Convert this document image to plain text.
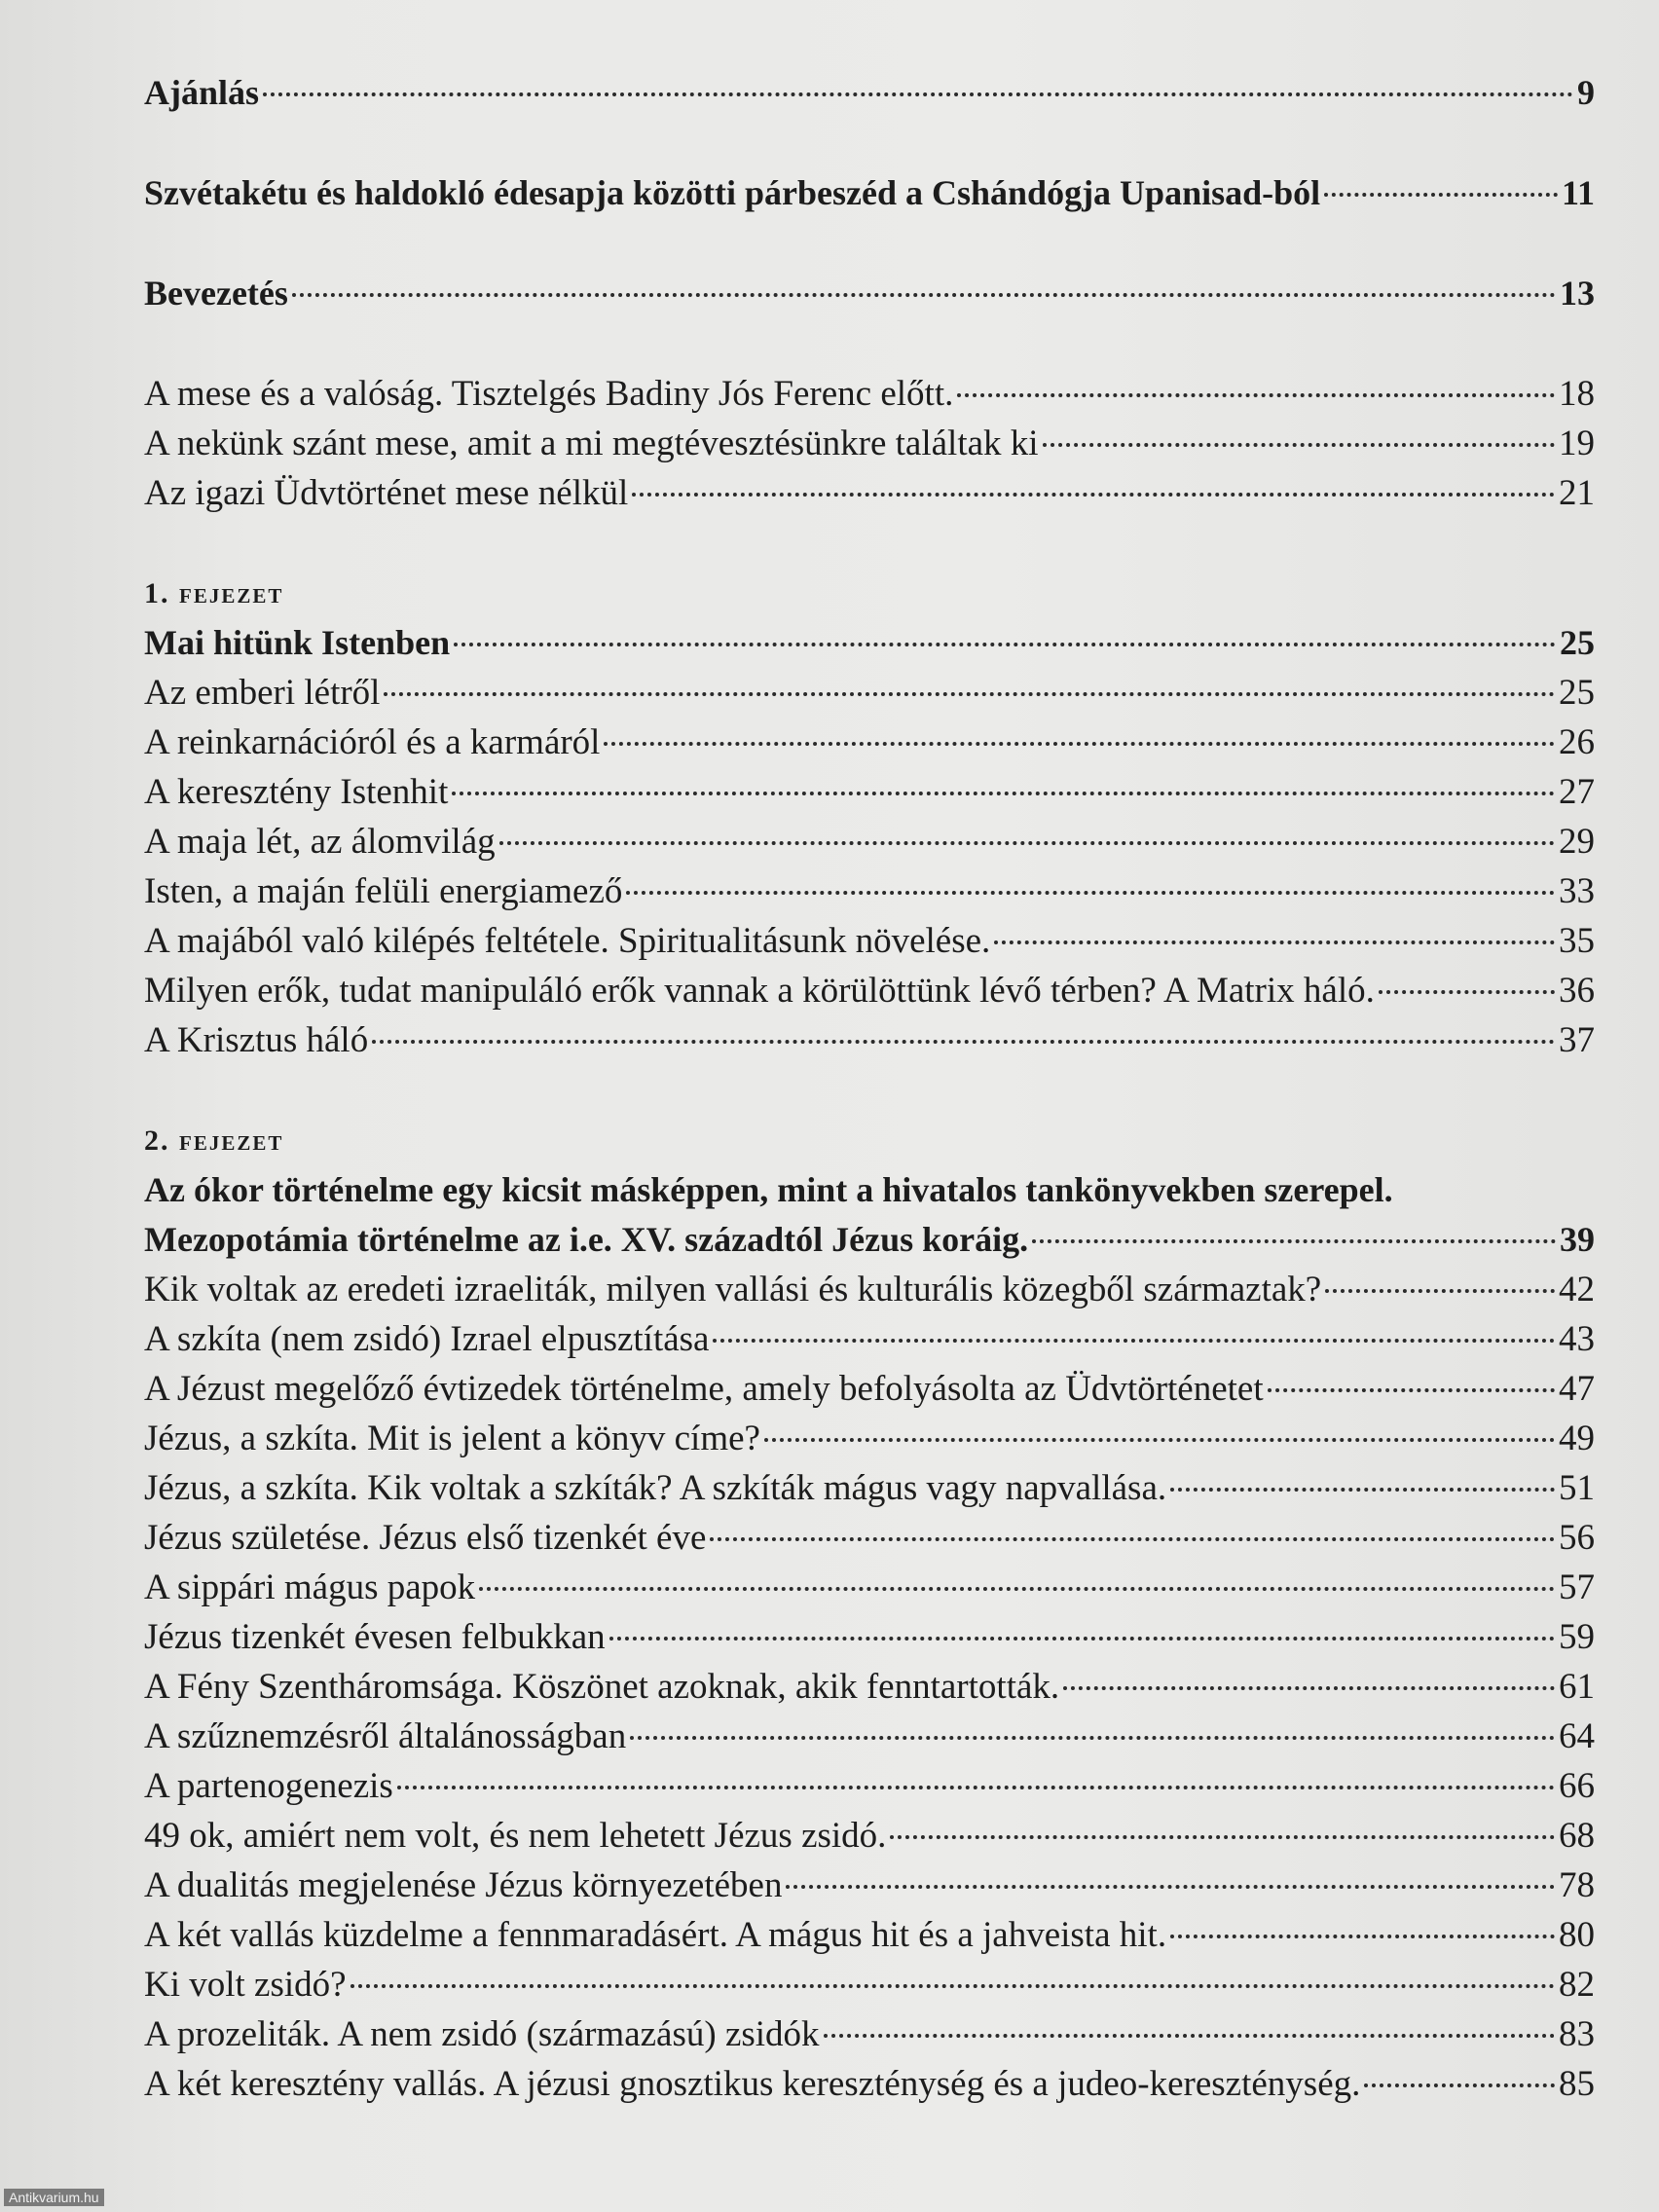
Ajánlás	9
Szvétakétu és haldokló édesapja közötti párbeszéd a Cshándógja Upanisad-ból	11
Bevezetés	13
A mese és a valóság. Tisztelgés Badiny Jós Ferenc előtt.	18
A nekünk szánt mese, amit a mi megtévesztésünkre találtak ki	19
Az igazi Üdvtörténet mese nélkül	21
1. fejezet
Mai hitünk Istenben	25
Az emberi létről	25
A reinkarnációról és a karmáról	26
A keresztény Istenhit	27
A maja lét, az álomvilág	29
Isten, a maján felüli energiamező	33
A majából való kilépés feltétele. Spiritualitásunk növelése.	35
Milyen erők, tudat manipuláló erők vannak a körülöttünk lévő térben? A Matrix háló.	36
A Krisztus háló	37
2. fejezet
Az ókor történelme egy kicsit másképpen, mint a hivatalos tankönyvekben szerepel.
Mezopotámia történelme az i.e. XV. századtól Jézus koráig.	39
Kik voltak az eredeti izraeliták, milyen vallási és kulturális közegből származtak?	42
A szkíta (nem zsidó) Izrael elpusztítása	43
A Jézust megelőző évtizedek történelme, amely befolyásolta az Üdvtörténetet	47
Jézus, a szkíta. Mit is jelent a könyv címe?	49
Jézus, a szkíta. Kik voltak a szkíták? A szkíták mágus vagy napvallása.	51
Jézus születése. Jézus első tizenkét éve	56
A sippári mágus papok	57
Jézus tizenkét évesen felbukkan	59
A Fény Szentháromsága. Köszönet azoknak, akik fenntartották.	61
A szűznemzésről általánosságban	64
A partenogenezis	66
49 ok, amiért nem volt, és nem lehetett Jézus zsidó.	68
A dualitás megjelenése Jézus környezetében	78
A két vallás küzdelme a fennmaradásért. A mágus hit és a jahveista hit.	80
Ki volt zsidó?	82
A prozeliták. A nem zsidó (származású) zsidók	83
A két keresztény vallás. A jézusi gnosztikus kereszténység és a judeo-kereszténység.	85
Antikvarium.hu
